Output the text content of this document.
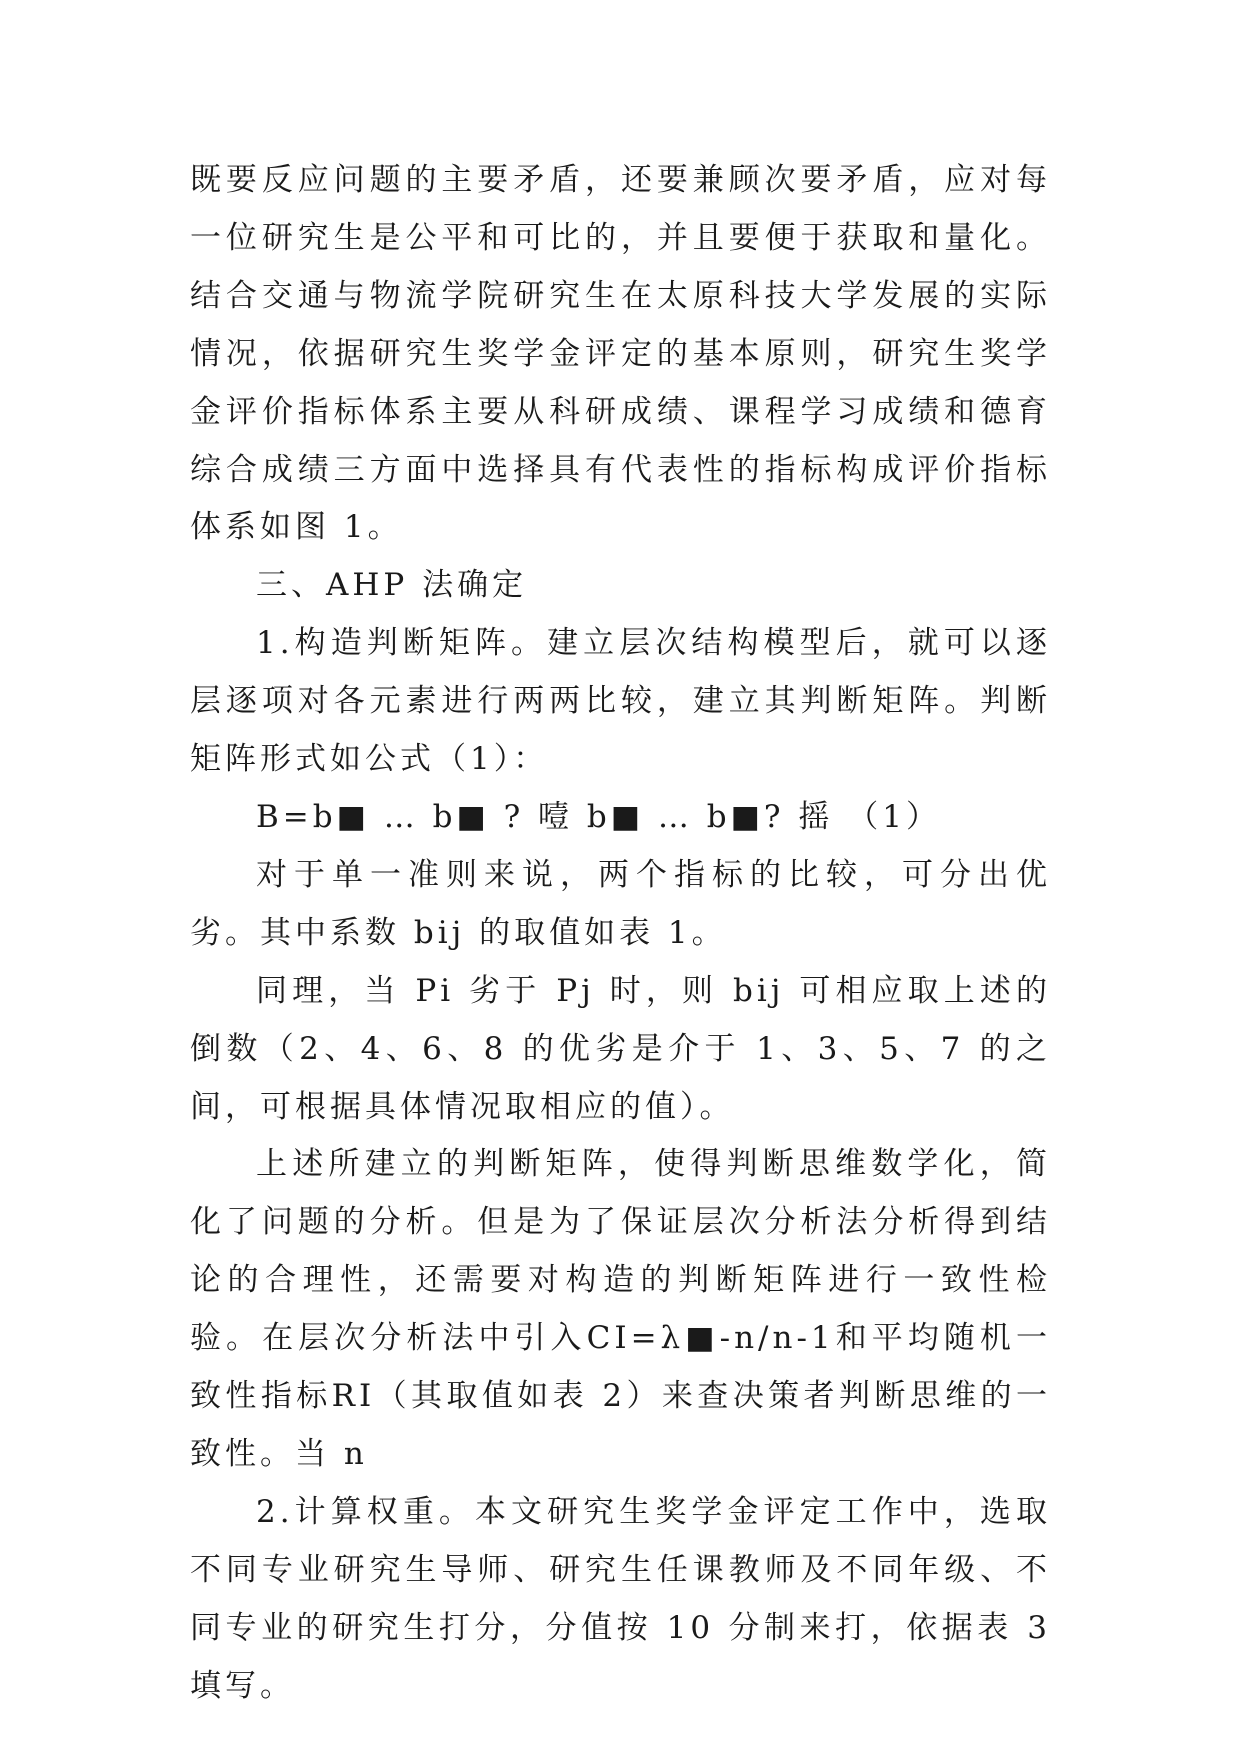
既要反应问题的主要矛盾，还要兼顾次要矛盾，应对每一位研究生是公平和可比的，并且要便于获取和量化。结合交通与物流学院研究生在太原科技大学发展的实际情况，依据研究生奖学金评定的基本原则，研究生奖学金评价指标体系主要从科研成绩、课程学习成绩和德育综合成绩三方面中选择具有代表性的指标构成评价指标体系如图 1。

三、AHP 法确定

1.构造判断矩阵。建立层次结构模型后，就可以逐层逐项对各元素进行两两比较，建立其判断矩阵。判断矩阵形式如公式（1）：

B=b■ … b■ ? 噎 b■ … b■? 摇 （1）

对于单一准则来说，两个指标的比较，可分出优劣。其中系数 bij 的取值如表 1。

同理，当 Pi 劣于 Pj 时，则 bij 可相应取上述的倒数（2、4、6、8 的优劣是介于 1、3、5、7 的之间，可根据具体情况取相应的值）。

上述所建立的判断矩阵，使得判断思维数学化，简化了问题的分析。但是为了保证层次分析法分析得到结论的合理性，还需要对构造的判断矩阵进行一致性检验。在层次分析法中引入CI=λ■-n/n-1和平均随机一致性指标RI（其取值如表 2）来查决策者判断思维的一致性。当 n

2.计算权重。本文研究生奖学金评定工作中，选取不同专业研究生导师、研究生任课教师及不同年级、不同专业的研究生打分，分值按 10 分制来打，依据表 3 填写。
